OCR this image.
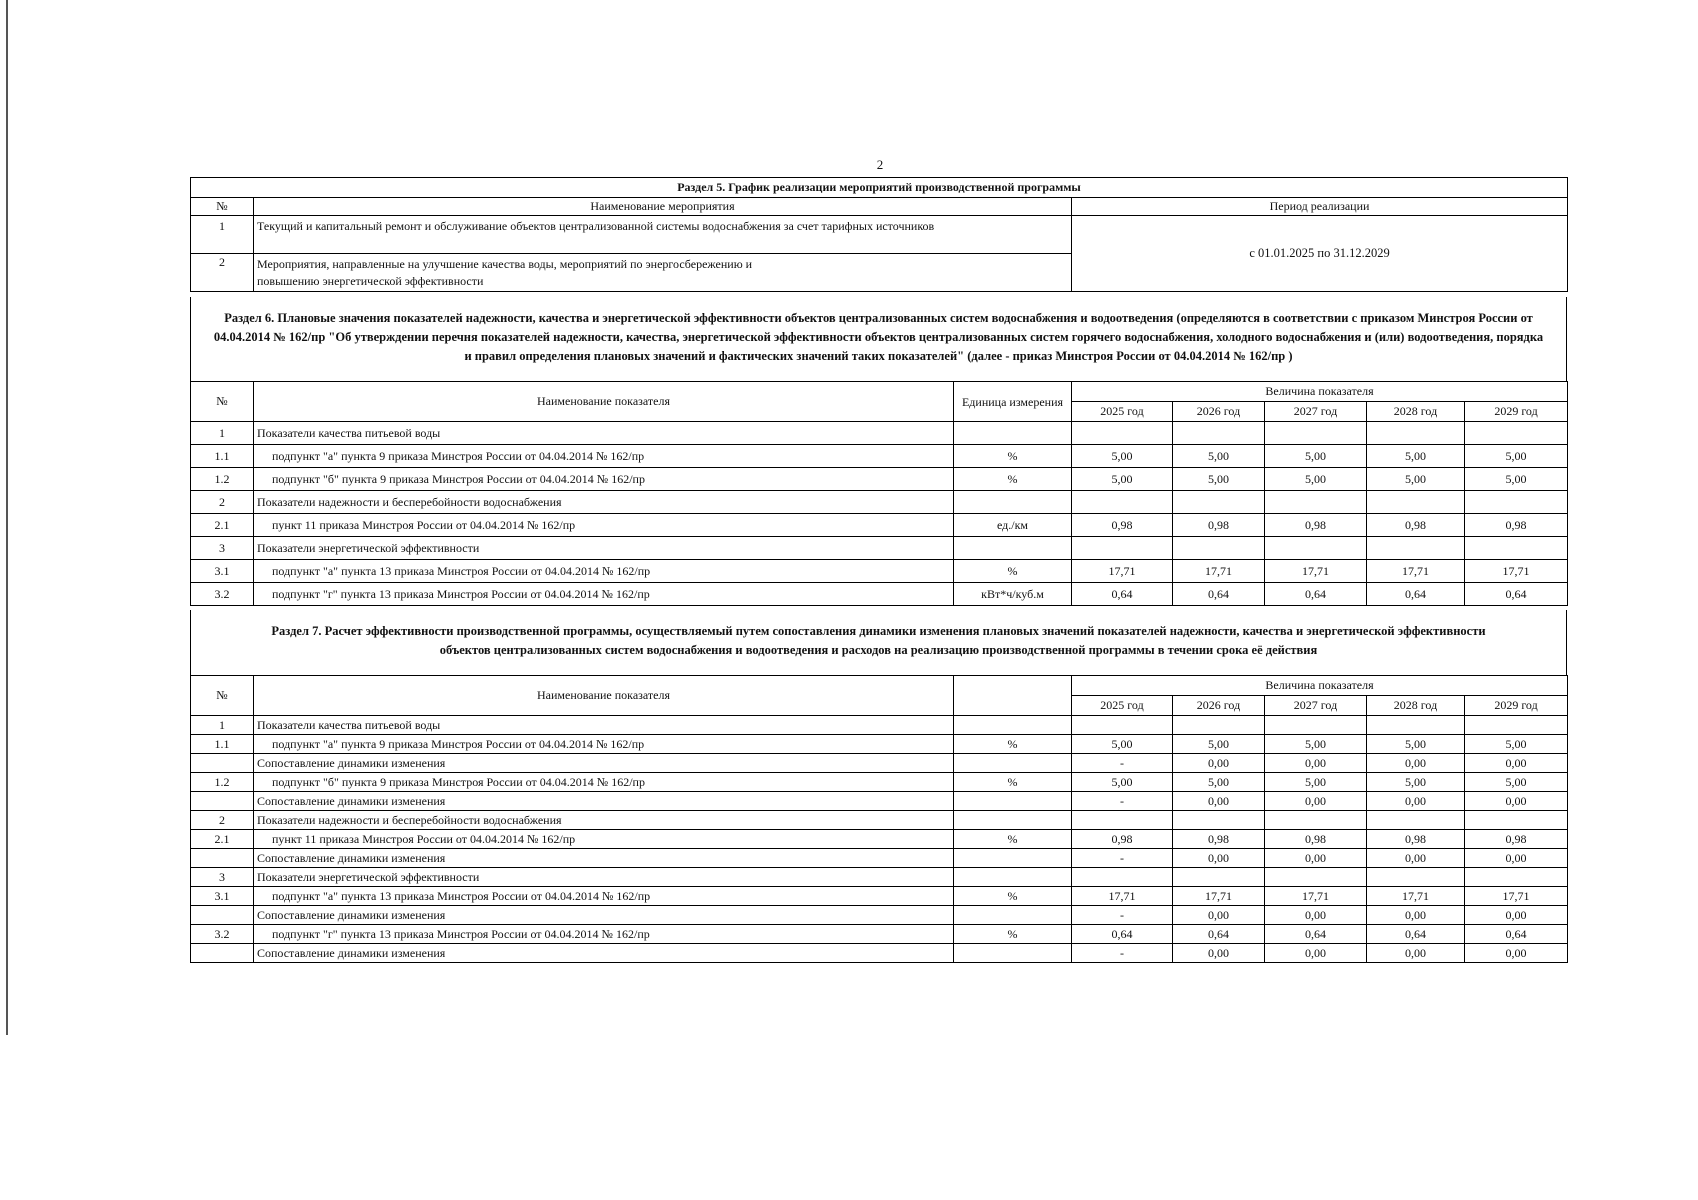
2
Раздел 5. График реализации мероприятий производственной программы		
№	Наименование мероприятия	Период реализации
1	Текущий и капитальный ремонт и обслуживание объектов централизованной системы водоснабжения за счет тарифных источников	с 01.01.2025 по 31.12.2029
2	Мероприятия, направленные на улучшение качества воды, мероприятий по энергосбережению и повышению энергетической эффективности	
Раздел 6. Плановые значения показателей надежности, качества и энергетической эффективности объектов централизованных систем водоснабжения и водоотведения (определяются в соответствии с приказом Минстроя России от 04.04.2014 № 162/пр "Об утверждении перечня показателей надежности, качества, энергетической эффективности объектов централизованных систем горячего водоснабжения, холодного водоснабжения и (или) водоотведения, порядка и правил определения плановых значений и фактических значений таких показателей" (далее - приказ Минстроя России от 04.04.2014 № 162/пр )
№	Наименование показателя	Единица измерения	Величина показателя				
			2025 год	2026 год	2027 год	2028 год	2029 год
1	Показатели качества питьевой воды						
1.1	подпункт "а" пункта 9 приказа Минстроя России от 04.04.2014 № 162/пр	%	5,00	5,00	5,00	5,00	5,00
1.2	подпункт "б" пункта 9 приказа Минстроя России от 04.04.2014 № 162/пр	%	5,00	5,00	5,00	5,00	5,00
2	Показатели надежности и бесперебойности водоснабжения						
2.1	пункт 11 приказа Минстроя России от 04.04.2014 № 162/пр	ед./км	0,98	0,98	0,98	0,98	0,98
3	Показатели энергетической эффективности						
3.1	подпункт "а" пункта 13 приказа Минстроя России от 04.04.2014 № 162/пр	%	17,71	17,71	17,71	17,71	17,71
3.2	подпункт "г" пункта 13 приказа Минстроя России от 04.04.2014 № 162/пр	кВт*ч/куб.м	0,64	0,64	0,64	0,64	0,64
Раздел 7. Расчет эффективности производственной программы, осуществляемый путем сопоставления динамики изменения плановых значений показателей надежности, качества и энергетической эффективности объектов централизованных систем водоснабжения и водоотведения и расходов на реализацию производственной программы в течении срока её действия
№	Наименование показателя		Величина показателя				
			2025 год	2026 год	2027 год	2028 год	2029 год
1	Показатели качества питьевой воды						
1.1	подпункт "а" пункта 9 приказа Минстроя России от 04.04.2014 № 162/пр	%	5,00	5,00	5,00	5,00	5,00
	Сопоставление динамики изменения		-	0,00	0,00	0,00	0,00
1.2	подпункт "б" пункта 9 приказа Минстроя России от 04.04.2014 № 162/пр	%	5,00	5,00	5,00	5,00	5,00
	Сопоставление динамики изменения		-	0,00	0,00	0,00	0,00
2	Показатели надежности и бесперебойности водоснабжения						
2.1	пункт 11 приказа Минстроя России от 04.04.2014 № 162/пр	%	0,98	0,98	0,98	0,98	0,98
	Сопоставление динамики изменения		-	0,00	0,00	0,00	0,00
3	Показатели энергетической эффективности						
3.1	подпункт "а" пункта 13 приказа Минстроя России от 04.04.2014 № 162/пр	%	17,71	17,71	17,71	17,71	17,71
	Сопоставление динамики изменения		-	0,00	0,00	0,00	0,00
3.2	подпункт "г" пункта 13 приказа Минстроя России от 04.04.2014 № 162/пр	%	0,64	0,64	0,64	0,64	0,64
	Сопоставление динамики изменения		-	0,00	0,00	0,00	0,00
